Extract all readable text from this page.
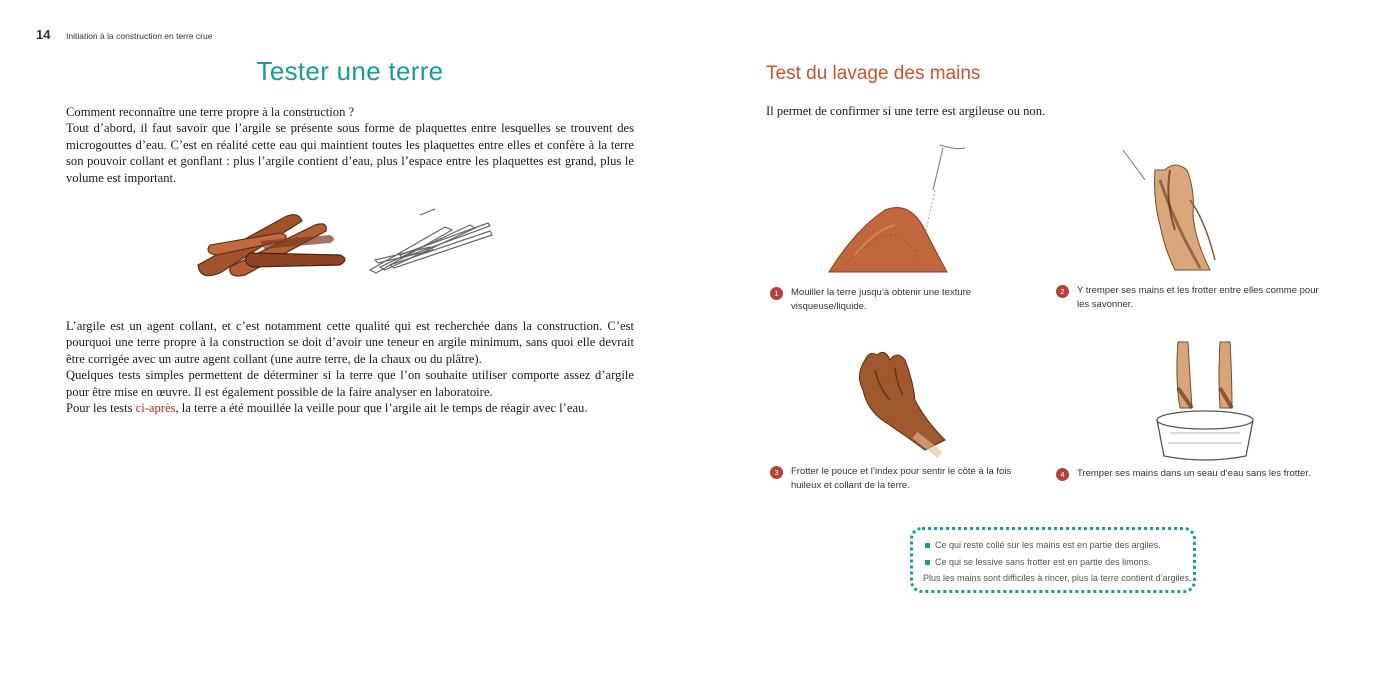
14 Initiation à la construction en terre crue
Tester une terre

Comment reconnaître une terre propre à la construction ?

Tout d’abord, il faut savoir que l’argile se présente sous forme de plaquettes entre lesquelles se trouvent des microgouttes d’eau. C’est en réalité cette eau qui maintient toutes les plaquettes entre elles et confère à la terre son pouvoir collant et gonflant : plus l’argile contient d’eau, plus l’espace entre les plaquettes est grand, plus le volume est important.

L’argile est un agent collant, et c’est notamment cette qualité qui est recherchée dans la construction. C’est pourquoi une terre propre à la construction se doit d’avoir une teneur en argile minimum, sans quoi elle devrait être corrigée avec un autre agent collant (une autre terre, de la chaux ou du plâtre).

Quelques tests simples permettent de déterminer si la terre que l’on souhaite utiliser comporte assez d’argile pour être mise en œuvre. Il est également possible de la faire analyser en laboratoire.

Pour les tests ci-après, la terre a été mouillée la veille pour que l’argile ait le temps de réagir avec l’eau.

Test du lavage des mains

Il permet de confirmer si une terre est argileuse ou non.

1	Mouiller la terre jusqu’à obtenir une texture visqueuse/liquide.
2	Y tremper ses mains et les frotter entre elles comme pour les savonner.
3	Frotter le pouce et l’index pour sentir le côté à la fois huileux et collant de la terre.
4	Tremper ses mains dans un seau d’eau sans les frotter.
Ce qui reste collé sur les mains est en partie des argiles.
Ce qui se lessive sans frotter est en partie des limons.
Plus les mains sont difficiles à rincer, plus la terre contient d’argiles.
